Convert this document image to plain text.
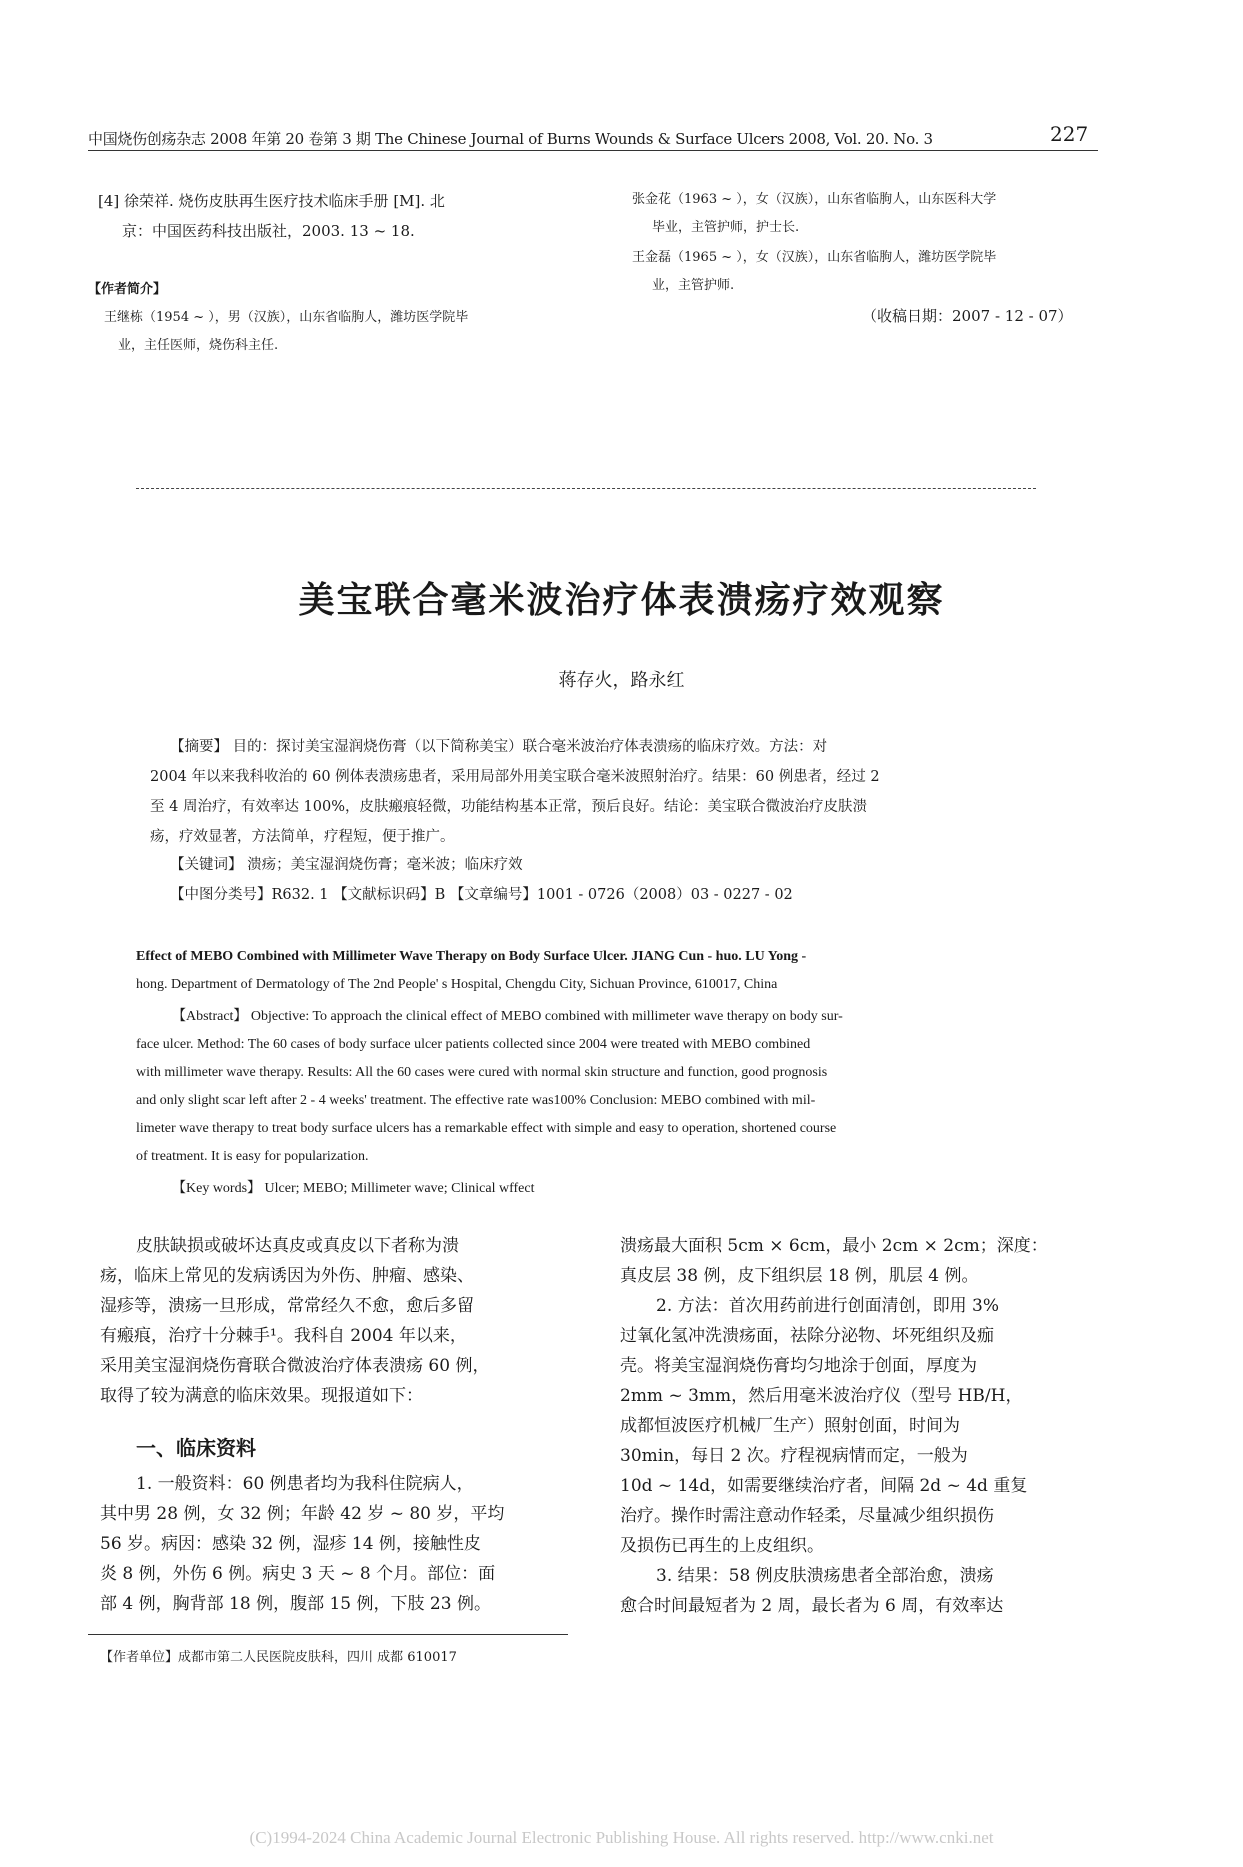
中国烧伤创疡杂志 2008 年第 20 卷第 3 期 The Chinese Journal of Burns Wounds & Surface Ulcers 2008, Vol. 20. No. 3	227
[4] 徐荣祥. 烧伤皮肤再生医疗技术临床手册 [M]. 北
京：中国医药科技出版社，2003. 13 ~ 18.
【作者简介】
王继栋（1954 ~ ），男（汉族），山东省临朐人，潍坊医学院毕
业，主任医师，烧伤科主任.
张金花（1963 ~ ），女（汉族），山东省临朐人，山东医科大学
毕业，主管护师，护士长.
王金磊（1965 ~ ），女（汉族），山东省临朐人，潍坊医学院毕
业，主管护师.
（收稿日期：2007 - 12 - 07）
美宝联合毫米波治疗体表溃疡疗效观察
蒋存火，路永红
【摘要】 目的：探讨美宝湿润烧伤膏（以下简称美宝）联合毫米波治疗体表溃疡的临床疗效。方法：对
2004 年以来我科收治的 60 例体表溃疡患者，采用局部外用美宝联合毫米波照射治疗。结果：60 例患者，经过 2
至 4 周治疗，有效率达 100%，皮肤瘢痕轻微，功能结构基本正常，预后良好。结论：美宝联合微波治疗皮肤溃
疡，疗效显著，方法简单，疗程短，便于推广。
【关键词】 溃疡；美宝湿润烧伤膏；毫米波；临床疗效
【中图分类号】R632. 1 【文献标识码】B 【文章编号】1001 - 0726（2008）03 - 0227 - 02
Effect of MEBO Combined with Millimeter Wave Therapy on Body Surface Ulcer. JIANG Cun - huo. LU Yong -
hong. Department of Dermatology of The 2nd People' s Hospital, Chengdu City, Sichuan Province, 610017, China
【Abstract】 Objective: To approach the clinical effect of MEBO combined with millimeter wave therapy on body sur-
face ulcer. Method: The 60 cases of body surface ulcer patients collected since 2004 were treated with MEBO combined
with millimeter wave therapy. Results: All the 60 cases were cured with normal skin structure and function, good prognosis
and only slight scar left after 2 - 4 weeks' treatment. The effective rate was100% Conclusion: MEBO combined with mil-
limeter wave therapy to treat body surface ulcers has a remarkable effect with simple and easy to operation, shortened course
of treatment. It is easy for popularization.
【Key words】 Ulcer; MEBO; Millimeter wave; Clinical wffect
皮肤缺损或破坏达真皮或真皮以下者称为溃
疡，临床上常见的发病诱因为外伤、肿瘤、感染、
湿疹等，溃疡一旦形成，常常经久不愈，愈后多留
有瘢痕，治疗十分棘手¹。我科自 2004 年以来，
采用美宝湿润烧伤膏联合微波治疗体表溃疡 60 例，
取得了较为满意的临床效果。现报道如下：
一、临床资料
1. 一般资料：60 例患者均为我科住院病人，
其中男 28 例，女 32 例；年龄 42 岁 ~ 80 岁，平均
56 岁。病因：感染 32 例，湿疹 14 例，接触性皮
炎 8 例，外伤 6 例。病史 3 天 ~ 8 个月。部位：面
部 4 例，胸背部 18 例，腹部 15 例，下肢 23 例。
【作者单位】成都市第二人民医院皮肤科，四川 成都 610017
溃疡最大面积 5cm × 6cm，最小 2cm × 2cm；深度：
真皮层 38 例，皮下组织层 18 例，肌层 4 例。
2. 方法：首次用药前进行创面清创，即用 3%
过氧化氢冲洗溃疡面，祛除分泌物、坏死组织及痂
壳。将美宝湿润烧伤膏均匀地涂于创面，厚度为
2mm ~ 3mm，然后用毫米波治疗仪（型号 HB/H，
成都恒波医疗机械厂生产）照射创面，时间为
30min，每日 2 次。疗程视病情而定，一般为
10d ~ 14d，如需要继续治疗者，间隔 2d ~ 4d 重复
治疗。操作时需注意动作轻柔，尽量减少组织损伤
及损伤已再生的上皮组织。
3. 结果：58 例皮肤溃疡患者全部治愈，溃疡
愈合时间最短者为 2 周，最长者为 6 周，有效率达
(C)1994-2024 China Academic Journal Electronic Publishing House. All rights reserved. http://www.cnki.net
